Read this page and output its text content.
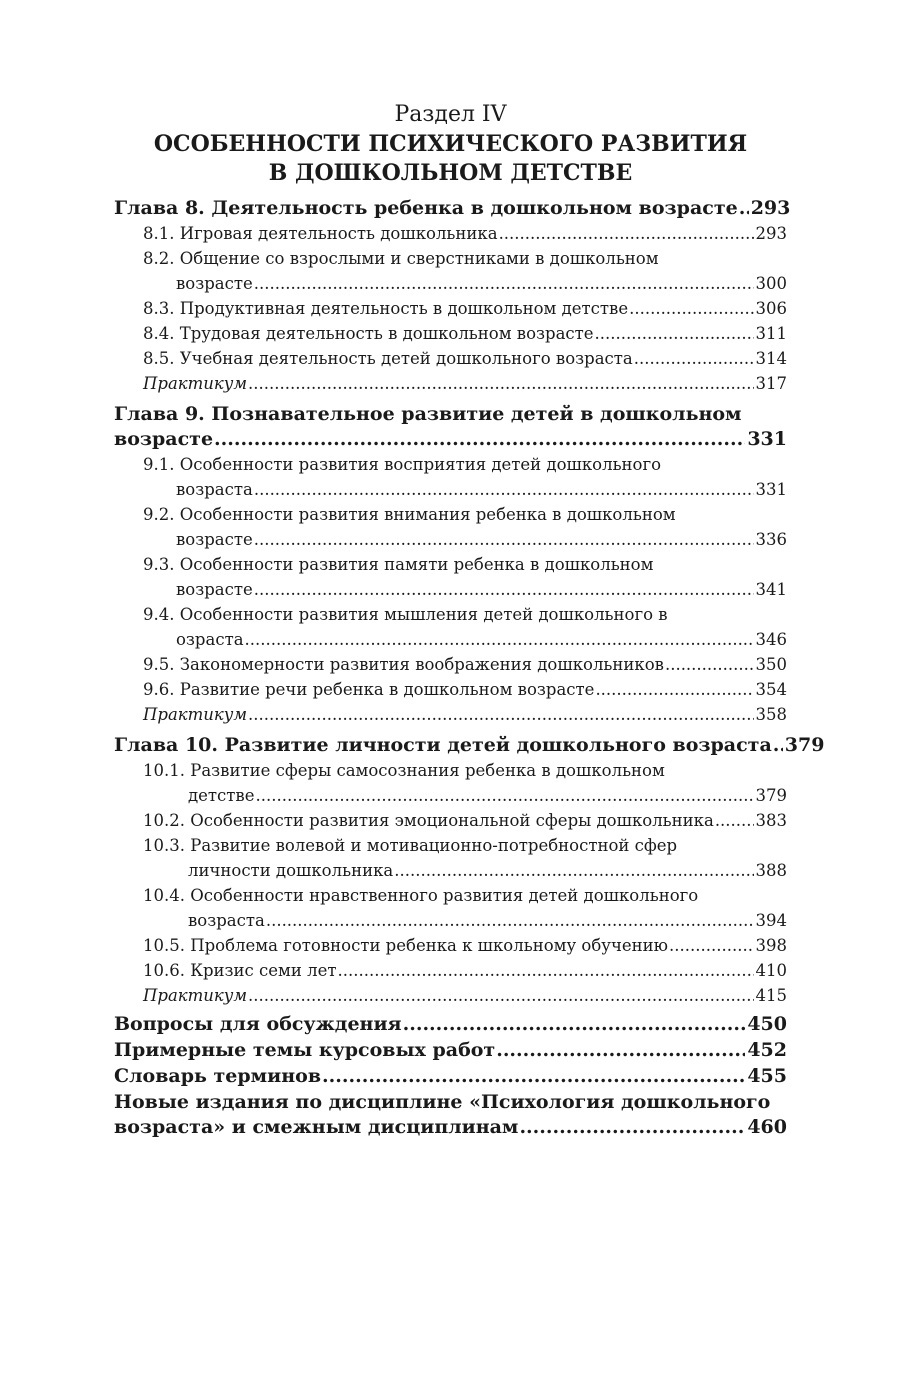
Раздел IV
ОСОБЕННОСТИ ПСИХИЧЕСКОГО РАЗВИТИЯ
В ДОШКОЛЬНОМ ДЕТСТВЕ
Глава 8. Деятельность ребенка в дошкольном возрасте ..... 293
8.1. Игровая деятельность дошкольника .....	293
8.2. Общение со взрослыми и сверстниками в дошкольном
возрасте .....	300
8.3. Продуктивная деятельность в дошкольном детстве .....	306
8.4. Трудовая деятельность в дошкольном возрасте .....	311
8.5. Учебная деятельность детей дошкольного возраста .....	314
Практикум .....	317
Глава 9. Познавательное развитие детей в дошкольном
возрасте .....	331
9.1. Особенности развития восприятия детей дошкольного
возраста .....	331
9.2. Особенности развития внимания ребенка в дошкольном
возрасте .....	336
9.3. Особенности развития памяти ребенка в дошкольном
возрасте .....	341
9.4. Особенности развития мышления детей дошкольного в
озраста .....	346
9.5. Закономерности развития воображения дошкольников .....	350
9.6. Развитие речи ребенка в дошкольном возрасте .....	354
Практикум .....	358
Глава 10. Развитие личности детей дошкольного возраста ..... 379
10.1. Развитие сферы самосознания ребенка в дошкольном
детстве .....	379
10.2. Особенности развития эмоциональной сферы дошкольника .....	383
10.3. Развитие волевой и мотивационно-потребностной сфер
личности дошкольника .....	388
10.4. Особенности нравственного развития детей дошкольного
возраста .....	394
10.5. Проблема готовности ребенка к школьному обучению .....	398
10.6. Кризис семи лет .....	410
Практикум .....	415
Вопросы для обсуждения .....	450
Примерные темы курсовых работ .....	452
Словарь терминов .....	455
Новые издания по дисциплине «Психология дошкольного
возраста» и смежным дисциплинам .....	460
